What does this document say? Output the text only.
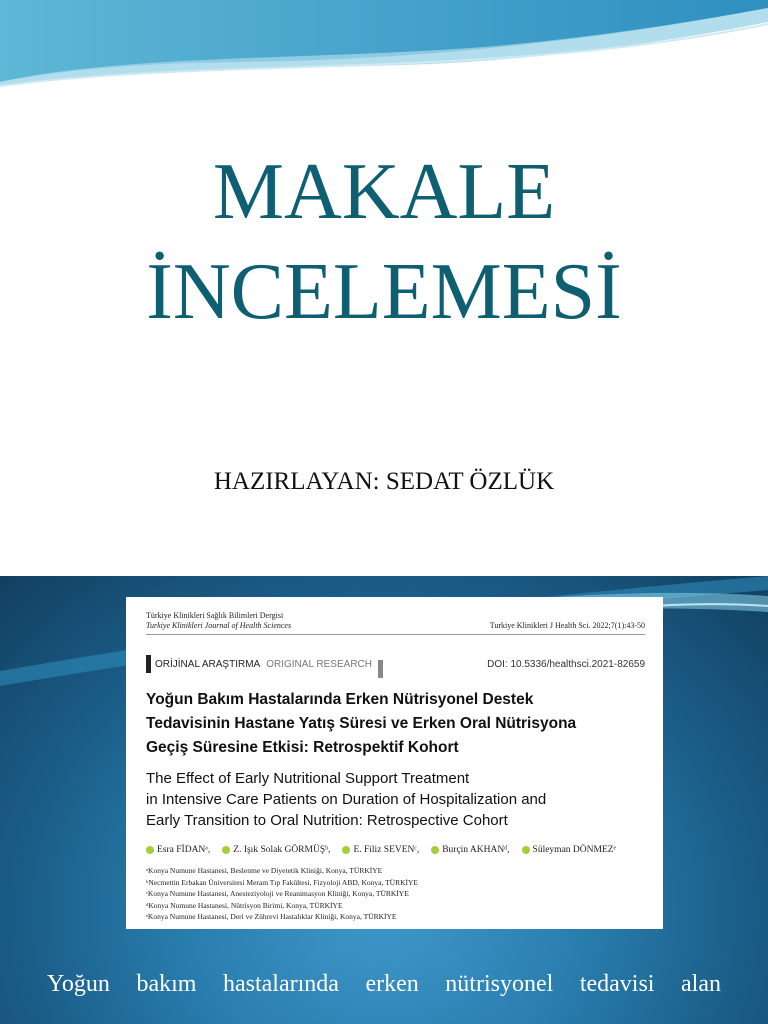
MAKALE
İNCELEMESİ
HAZIRLAYAN: SEDAT ÖZLÜK
Türkiye Klinikleri Sağlık Bilimleri Dergisi
Turkiye Klinikleri Journal of Health Sciences	Turkiye Klinikleri J Health Sci. 2022;7(1):43-50
ORİJİNAL ARAŞTIRMA ORIGINAL RESEARCH	DOI: 10.5336/healthsci.2021-82659
Yoğun Bakım Hastalarında Erken Nütrisyonel Destek
Tedavisinin Hastane Yatış Süresi ve Erken Oral Nütrisyona
Geçiş Süresine Etkisi: Retrospektif Kohort
The Effect of Early Nutritional Support Treatment
in Intensive Care Patients on Duration of Hospitalization and
Early Transition to Oral Nutrition: Retrospective Cohort
Esra FİDANᵃ, Z. Işık Solak GÖRMÜŞᵇ, E. Filiz SEVENᶜ, Burçin AKHANᵈ, Süleyman DÖNMEZᵉ
ᵃKonya Numune Hastanesi, Beslenme ve Diyetetik Kliniği, Konya, TÜRKİYE
ᵇNecmettin Erbakan Üniversitesi Meram Tıp Fakültesi, Fizyoloji ABD, Konya, TÜRKİYE
ᶜKonya Numune Hastanesi, Anesteziyoloji ve Reanimasyon Kliniği, Konya, TÜRKİYE
ᵈKonya Numune Hastanesi, Nütrisyon Birimi, Konya, TÜRKİYE
ᵉKonya Numune Hastanesi, Deri ve Zührevi Hastalıklar Kliniği, Konya, TÜRKİYE
Yoğun bakım hastalarında erken nütrisyonel tedavisi alan
